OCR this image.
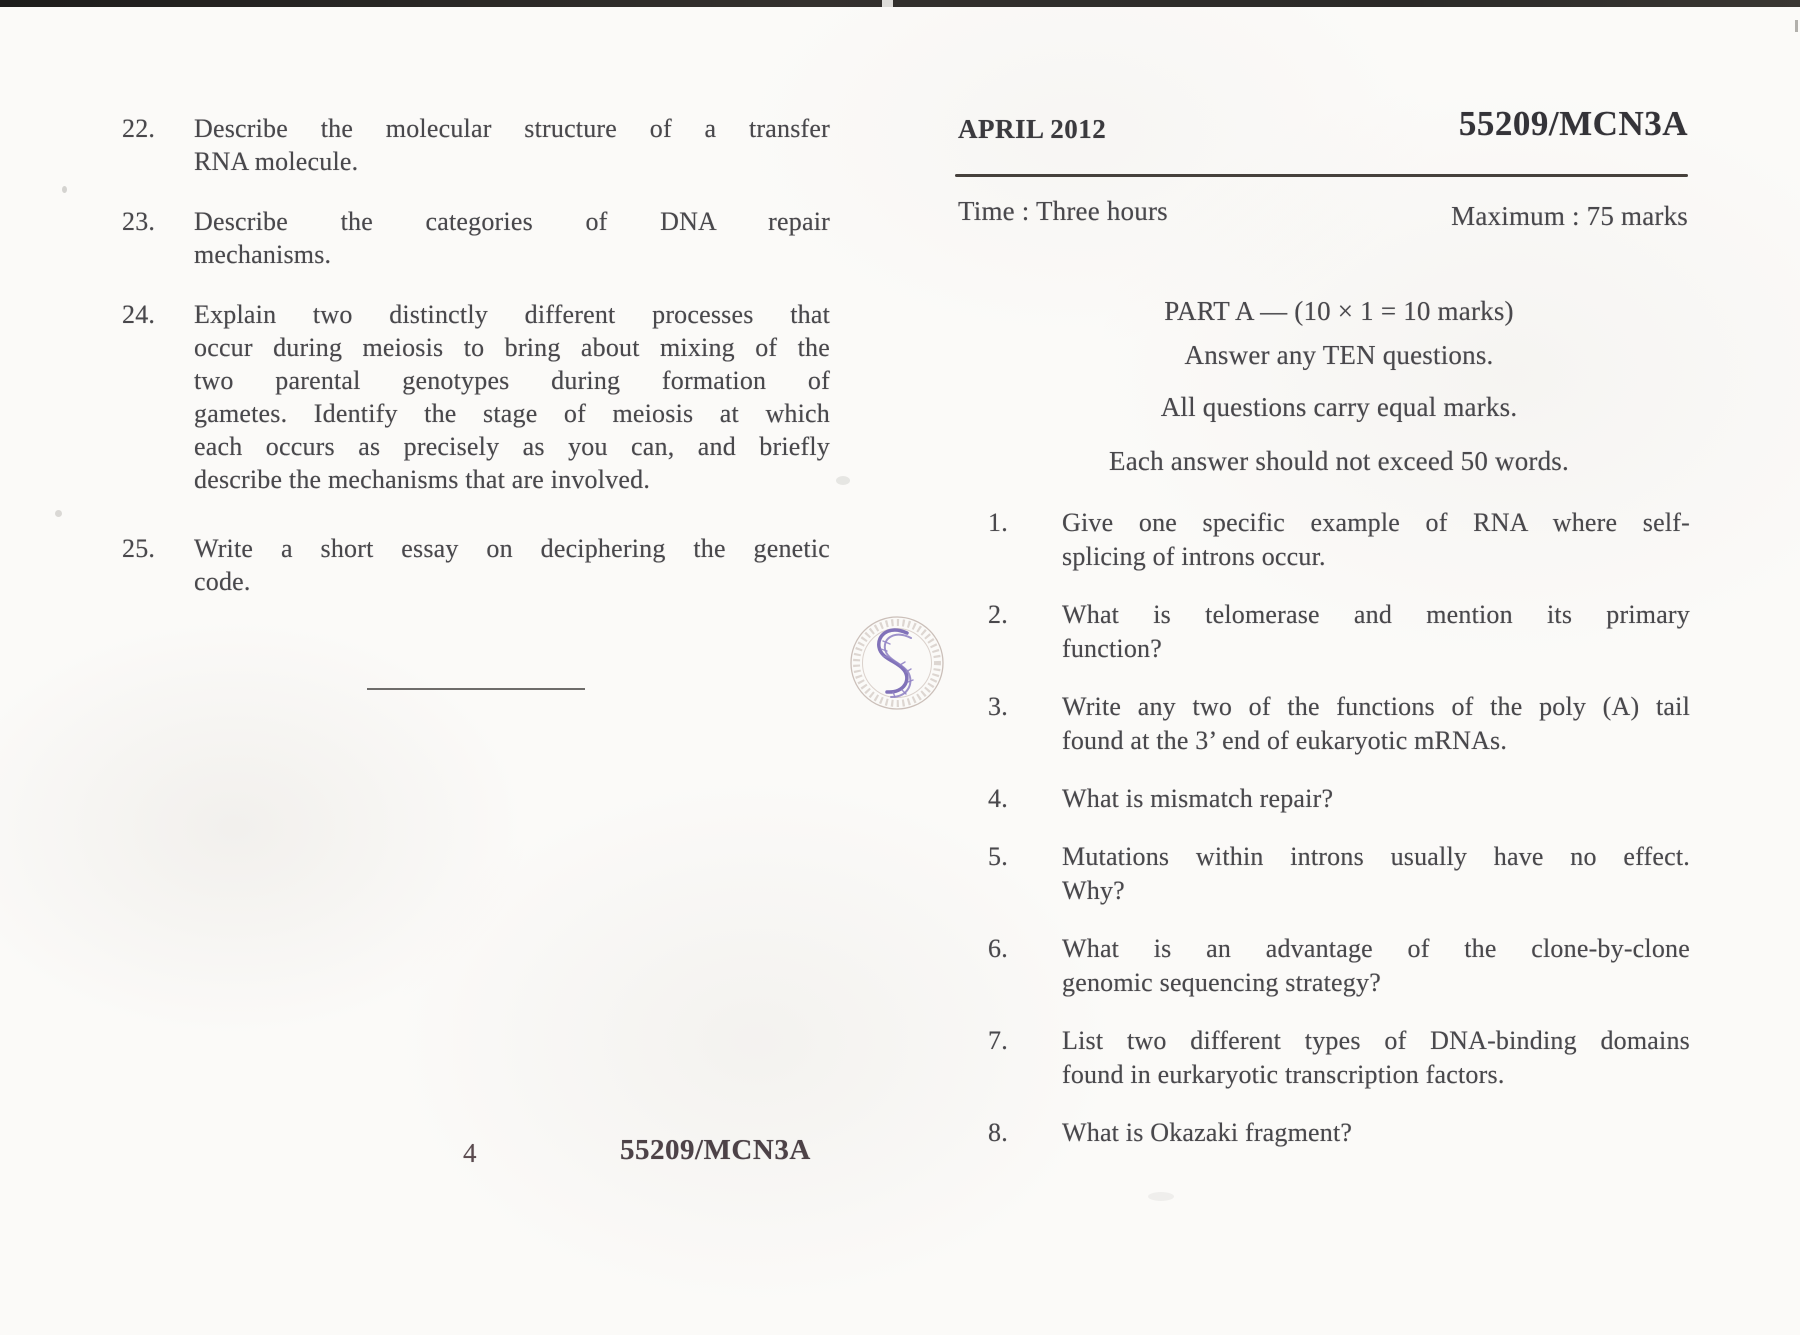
22.	Describe the molecular structure of a transfer
RNA molecule.
23.	Describe the categories of DNA repair
mechanisms.
24.	Explain two distinctly different processes that
occur during meiosis to bring about mixing of the
two parental genotypes during formation of
gametes. Identify the stage of meiosis at which
each occurs as precisely as you can, and briefly
describe the mechanisms that are involved.
25.	Write a short essay on deciphering the genetic
code.
4	55209/MCN3A
APRIL 2012	55209/MCN3A
Time : Three hours	Maximum : 75 marks
PART A — (10 × 1 = 10 marks)
Answer any TEN questions.
All questions carry equal marks.
Each answer should not exceed 50 words.
1.	Give one specific example of RNA where self-
splicing of introns occur.
2.	What is telomerase and mention its primary
function?
3.	Write any two of the functions of the poly (A) tail
found at the 3’ end of eukaryotic mRNAs.
4.	What is mismatch repair?
5.	Mutations within introns usually have no effect.
Why?
6.	What is an advantage of the clone-by-clone
genomic sequencing strategy?
7.	List two different types of DNA-binding domains
found in eurkaryotic transcription factors.
8.	What is Okazaki fragment?
